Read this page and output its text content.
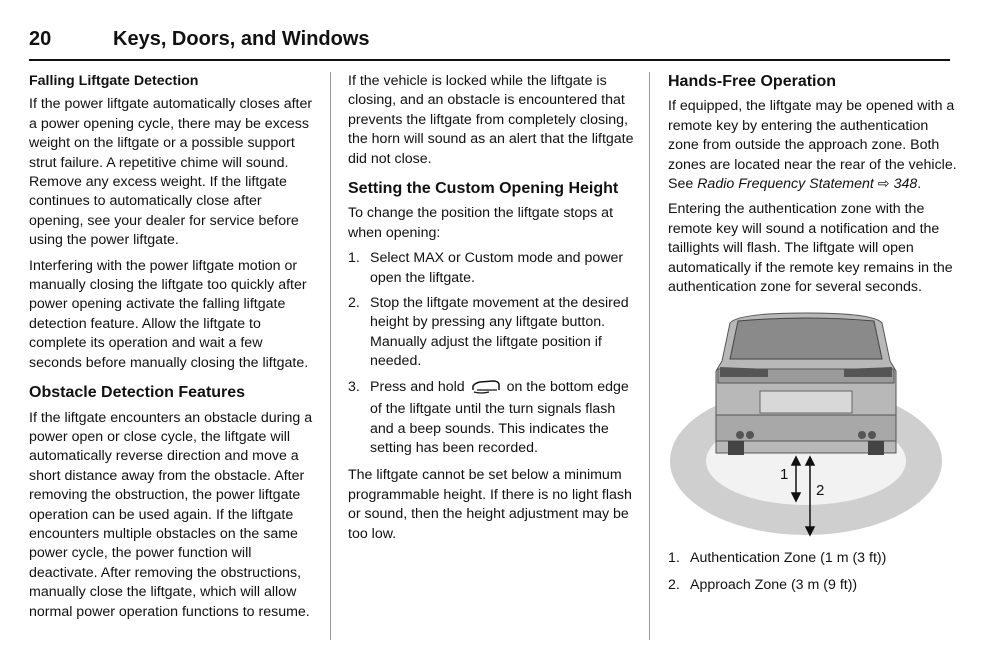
20	Keys, Doors, and Windows
Falling Liftgate Detection

If the power liftgate automatically closes after a power opening cycle, there may be excess weight on the liftgate or a possible support strut failure. A repetitive chime will sound. Remove any excess weight. If the liftgate continues to automatically close after opening, see your dealer for service before using the power liftgate.

Interfering with the power liftgate motion or manually closing the liftgate too quickly after power opening activate the falling liftgate detection feature. Allow the liftgate to complete its operation and wait a few seconds before manually closing the liftgate.

Obstacle Detection Features

If the liftgate encounters an obstacle during a power open or close cycle, the liftgate will automatically reverse direction and move a short distance away from the obstacle. After removing the obstruction, the power liftgate operation can be used again. If the liftgate encounters multiple obstacles on the same power cycle, the power function will deactivate. After removing the obstructions, manually close the liftgate, which will allow normal power operation functions to resume.

If the vehicle is locked while the liftgate is closing, and an obstacle is encountered that prevents the liftgate from completely closing, the horn will sound as an alert that the liftgate did not close.

Setting the Custom Opening Height

To change the position the liftgate stops at when opening:

1. Select MAX or Custom mode and power open the liftgate.
2. Stop the liftgate movement at the desired height by pressing any liftgate button. Manually adjust the liftgate position if needed.
3. Press and hold	on the bottom edge of the liftgate until the turn signals flash and a beep sounds. This indicates the setting has been recorded.

The liftgate cannot be set below a minimum programmable height. If there is no light flash or sound, then the height adjustment may be too low.

Hands-Free Operation

If equipped, the liftgate may be opened with a remote key by entering the authentication zone from outside the approach zone. Both zones are located near the rear of the vehicle. See Radio Frequency Statement ⇨ 348.

Entering the authentication zone with the remote key will sound a notification and the taillights will flash. The liftgate will open automatically if the remote key remains in the authentication zone for several seconds.

1
2
1. Authentication Zone (1 m (3 ft))
2. Approach Zone (3 m (9 ft))
